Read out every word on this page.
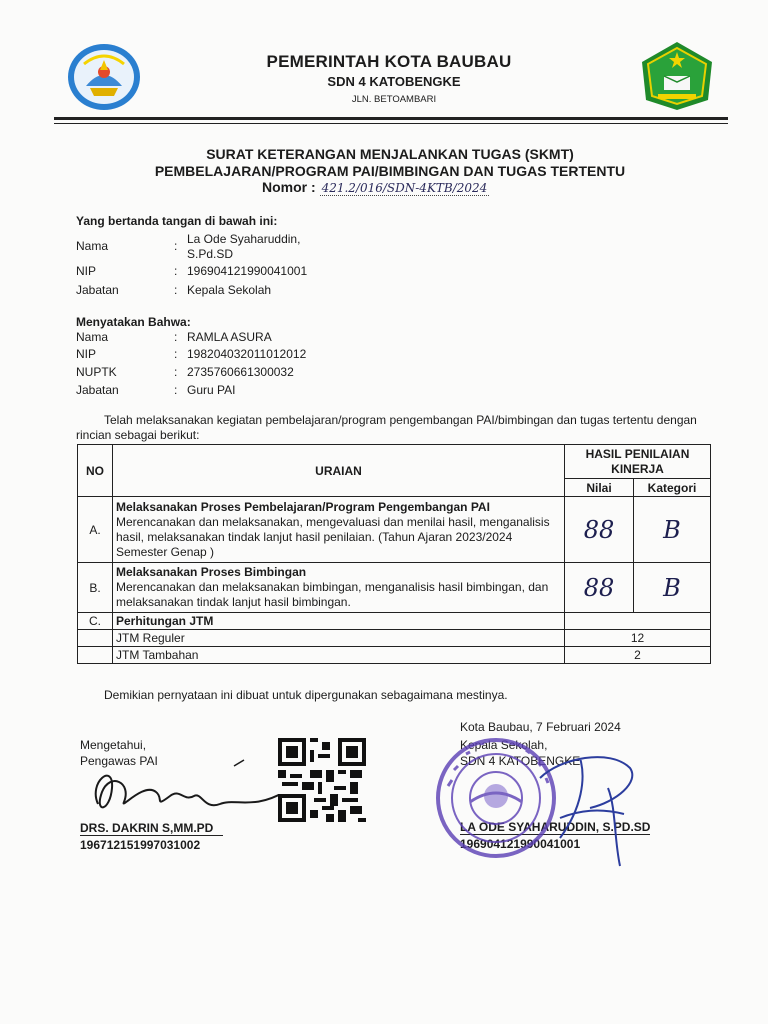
PEMERINTAH KOTA BAUBAU
SDN 4 KATOBENGKE
JLN. BETOAMBARI
SURAT KETERANGAN MENJALANKAN TUGAS (SKMT)
PEMBELAJARAN/PROGRAM PAI/BIMBINGAN DAN TUGAS TERTENTU
Nomor : 421.2/016/SDN-4KTB/2024
Yang bertanda tangan di bawah ini:
Nama	: La Ode Syaharuddin,
S.Pd.SD
NIP	: 196904121990041001
Jabatan	: Kepala Sekolah
Menyatakan Bahwa:
Nama	: RAMLA ASURA
NIP	: 198204032011012012
NUPTK	: 2735760661300032
Jabatan	: Guru PAI
Telah melaksanakan kegiatan pembelajaran/program pengembangan PAI/bimbingan dan tugas tertentu dengan rincian sebagai berikut:
NO	URAIAN	HASIL PENILAIAN KINERJA	
		Nilai	Kategori
A.	Melaksanakan Proses Pembelajaran/Program Pengembangan PAI
Merencanakan dan melaksanakan, mengevaluasi dan menilai hasil, menganalisis hasil, melaksanakan tindak lanjut hasil penilaian. (Tahun Ajaran 2023/2024 Semester Genap )	88	B
B.	Melaksanakan Proses Bimbingan
Merencanakan dan melaksanakan bimbingan, menganalisis hasil bimbingan, dan melaksanakan tindak lanjut hasil bimbingan.	88	B
C.	Perhitungan JTM		
	JTM Reguler	12	
	JTM Tambahan	2	
Demikian pernyataan ini dibuat untuk dipergunakan sebagaimana mestinya.
Mengetahui,
Pengawas PAI
DRS. DAKRIN S,MM.PD
196712151997031002
Kota Baubau, 7 Februari 2024
Kepala Sekolah,
SDN 4 KATOBENGKE
LA ODE SYAHARUDDIN, S.PD.SD
196904121990041001
